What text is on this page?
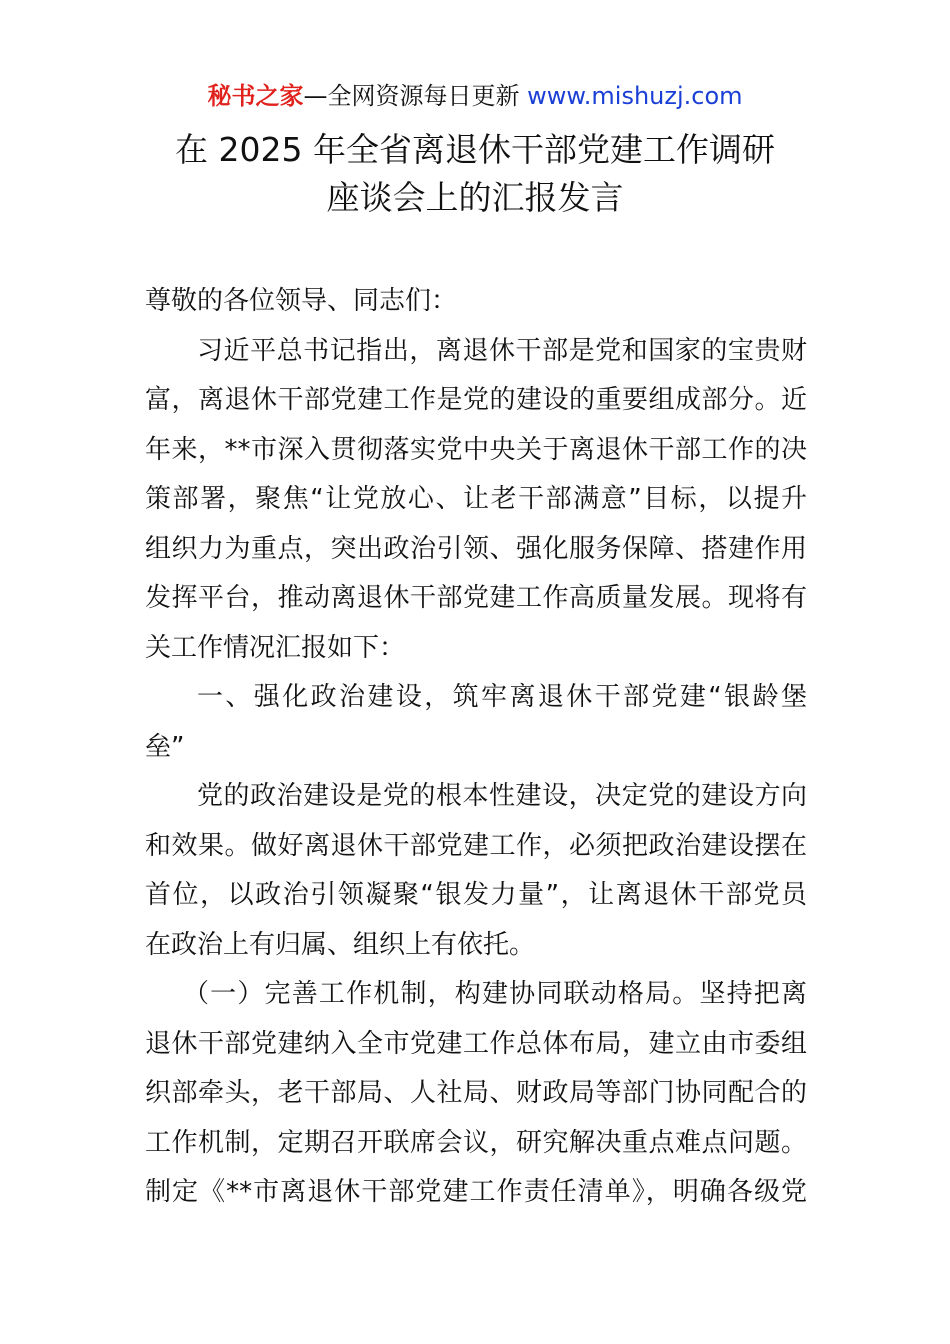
秘书之家—全网资源每日更新 www.mishuzj.com
在 2025 年全省离退休干部党建工作调研
座谈会上的汇报发言
尊敬的各位领导、同志们：
习近平总书记指出，离退休干部是党和国家的宝贵财
富，离退休干部党建工作是党的建设的重要组成部分。近
年来，**市深入贯彻落实党中央关于离退休干部工作的决
策部署，聚焦“让党放心、让老干部满意”目标，以提升
组织力为重点，突出政治引领、强化服务保障、搭建作用
发挥平台，推动离退休干部党建工作高质量发展。现将有
关工作情况汇报如下：
一、强化政治建设，筑牢离退休干部党建“银龄堡
垒”
党的政治建设是党的根本性建设，决定党的建设方向
和效果。做好离退休干部党建工作，必须把政治建设摆在
首位，以政治引领凝聚“银发力量”，让离退休干部党员
在政治上有归属、组织上有依托。
（一）完善工作机制，构建协同联动格局。坚持把离
退休干部党建纳入全市党建工作总体布局，建立由市委组
织部牵头，老干部局、人社局、财政局等部门协同配合的
工作机制，定期召开联席会议，研究解决重点难点问题。
制定《**市离退休干部党建工作责任清单》，明确各级党
